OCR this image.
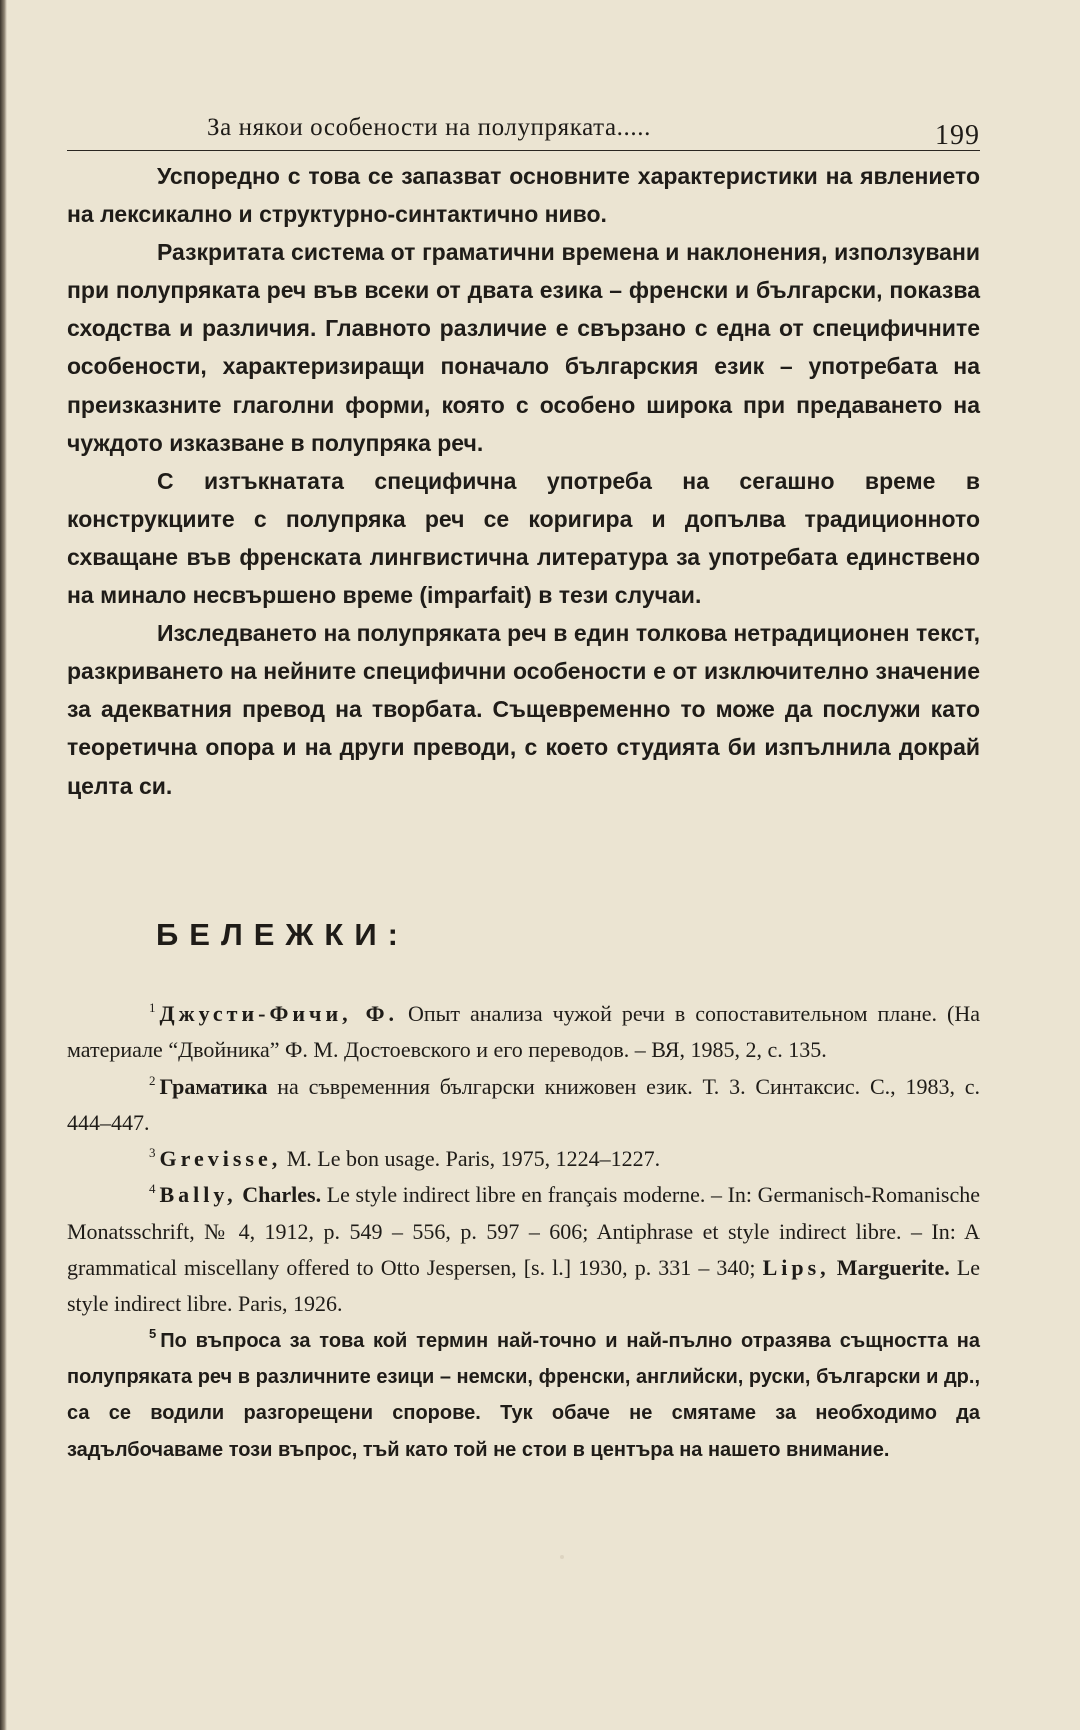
За някои особености на полупряката.....	199

Успоредно с това се запазват основните характеристики на явлението на лексикално и структурно-синтактично ниво.

Разкритата система от граматични времена и наклонения, използувани при полупряката реч във всеки от двата езика – френски и български, показва сходства и различия. Главното различие е свързано с една от специфичните особености, характеризиращи поначало българския език – употребата на преизказните глаголни форми, която с особено широка при предаването на чуждото изказване в полупряка реч.

С изтъкнатата специфична употреба на сегашно време в конструкциите с полупряка реч се коригира и допълва традиционното схващане във френската лингвистична литература за употребата единствено на минало несвършено време (imparfait) в тези случаи.

Изследването на полупряката реч в един толкова нетрадиционен текст, разкриването на нейните специфични особености е от изключително значение за адекватния превод на творбата. Същевременно то може да послужи като теоретична опора и на други преводи, с което студията би изпълнила докрай целта си.

БЕЛЕЖКИ:

$^1$ Джусти-Фичи, Ф. Опыт анализа чужой речи в сопоставительном плане. (На материале “Двойника” Ф. М. Достоевского и его переводов. – ВЯ, 1985, 2, с. 135.

$^2$ Граматика на съвременния български книжовен език. Т. 3. Синтаксис. С., 1983, с. 444–447.

$^3$ Grevisse, M. Le bon usage. Paris, 1975, 1224–1227.

$^4$ Bally, Charles. Le style indirect libre en français moderne. – In: Germanisch-Romanische Monatsschrift, № 4, 1912, p. 549 – 556, p. 597 – 606; Antiphrase et style indirect libre. – In: A grammatical miscellany offered to Otto Jespersen, [s. l.] 1930, p. 331 – 340; Lips, Marguerite. Le style indirect libre. Paris, 1926.

$^5$ По въпроса за това кой термин най-точно и най-пълно отразява същността на полупряката реч в различните езици – немски, френски, английски, руски, български и др., са се водили разгорещени спорове. Тук обаче не смятаме за необходимо да задълбочаваме този въпрос, тъй като той не стои в центъра на нашето внимание.
